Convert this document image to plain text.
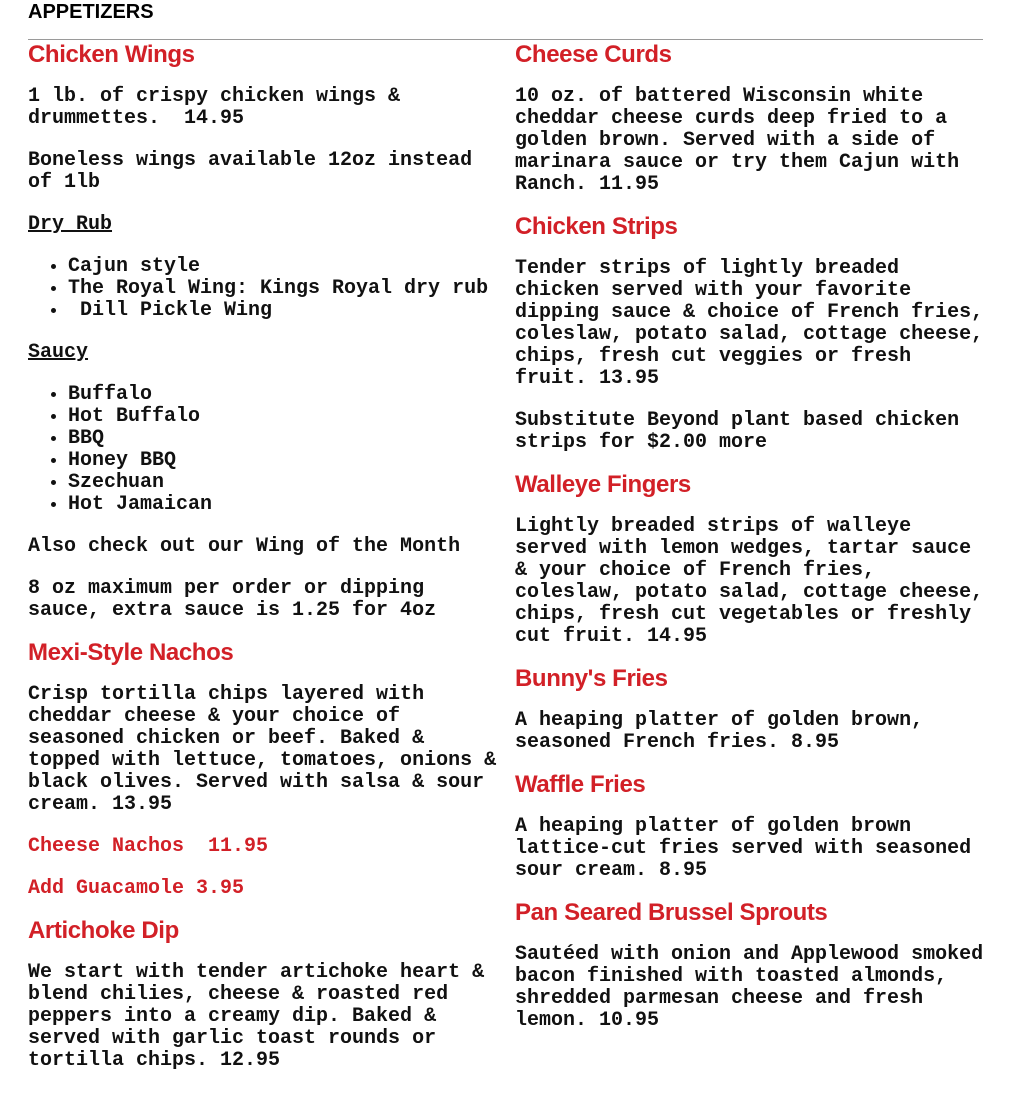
APPETIZERS
Chicken Wings

1 lb. of crispy chicken wings & drummettes.  14.95

Boneless wings available 12oz instead of 1lb

Dry Rub

• Cajun style
• The Royal Wing: Kings Royal dry rub
•  Dill Pickle Wing

Saucy

• Buffalo
• Hot Buffalo
• BBQ
• Honey BBQ
• Szechuan
• Hot Jamaican

Also check out our Wing of the Month

8 oz maximum per order or dipping sauce, extra sauce is 1.25 for 4oz

Mexi-Style Nachos

Crisp tortilla chips layered with cheddar cheese & your choice of seasoned chicken or beef. Baked & topped with lettuce, tomatoes, onions & black olives. Served with salsa & sour cream. 13.95

Cheese Nachos  11.95

Add Guacamole 3.95

Artichoke Dip

We start with tender artichoke heart & blend chilies, cheese & roasted red peppers into a creamy dip. Baked & served with garlic toast rounds or tortilla chips. 12.95

Cheese Curds

10 oz. of battered Wisconsin white cheddar cheese curds deep fried to a golden brown. Served with a side of marinara sauce or try them Cajun with Ranch. 11.95

Chicken Strips

Tender strips of lightly breaded chicken served with your favorite dipping sauce & choice of French fries, coleslaw, potato salad, cottage cheese, chips, fresh cut veggies or fresh fruit. 13.95

Substitute Beyond plant based chicken strips for $2.00 more

Walleye Fingers

Lightly breaded strips of walleye served with lemon wedges, tartar sauce & your choice of French fries, coleslaw, potato salad, cottage cheese, chips, fresh cut vegetables or freshly cut fruit. 14.95

Bunny's Fries

A heaping platter of golden brown, seasoned French fries. 8.95

Waffle Fries

A heaping platter of golden brown lattice-cut fries served with seasoned sour cream. 8.95

Pan Seared Brussel Sprouts

Sautéed with onion and Applewood smoked bacon finished with toasted almonds, shredded parmesan cheese and fresh lemon. 10.95
